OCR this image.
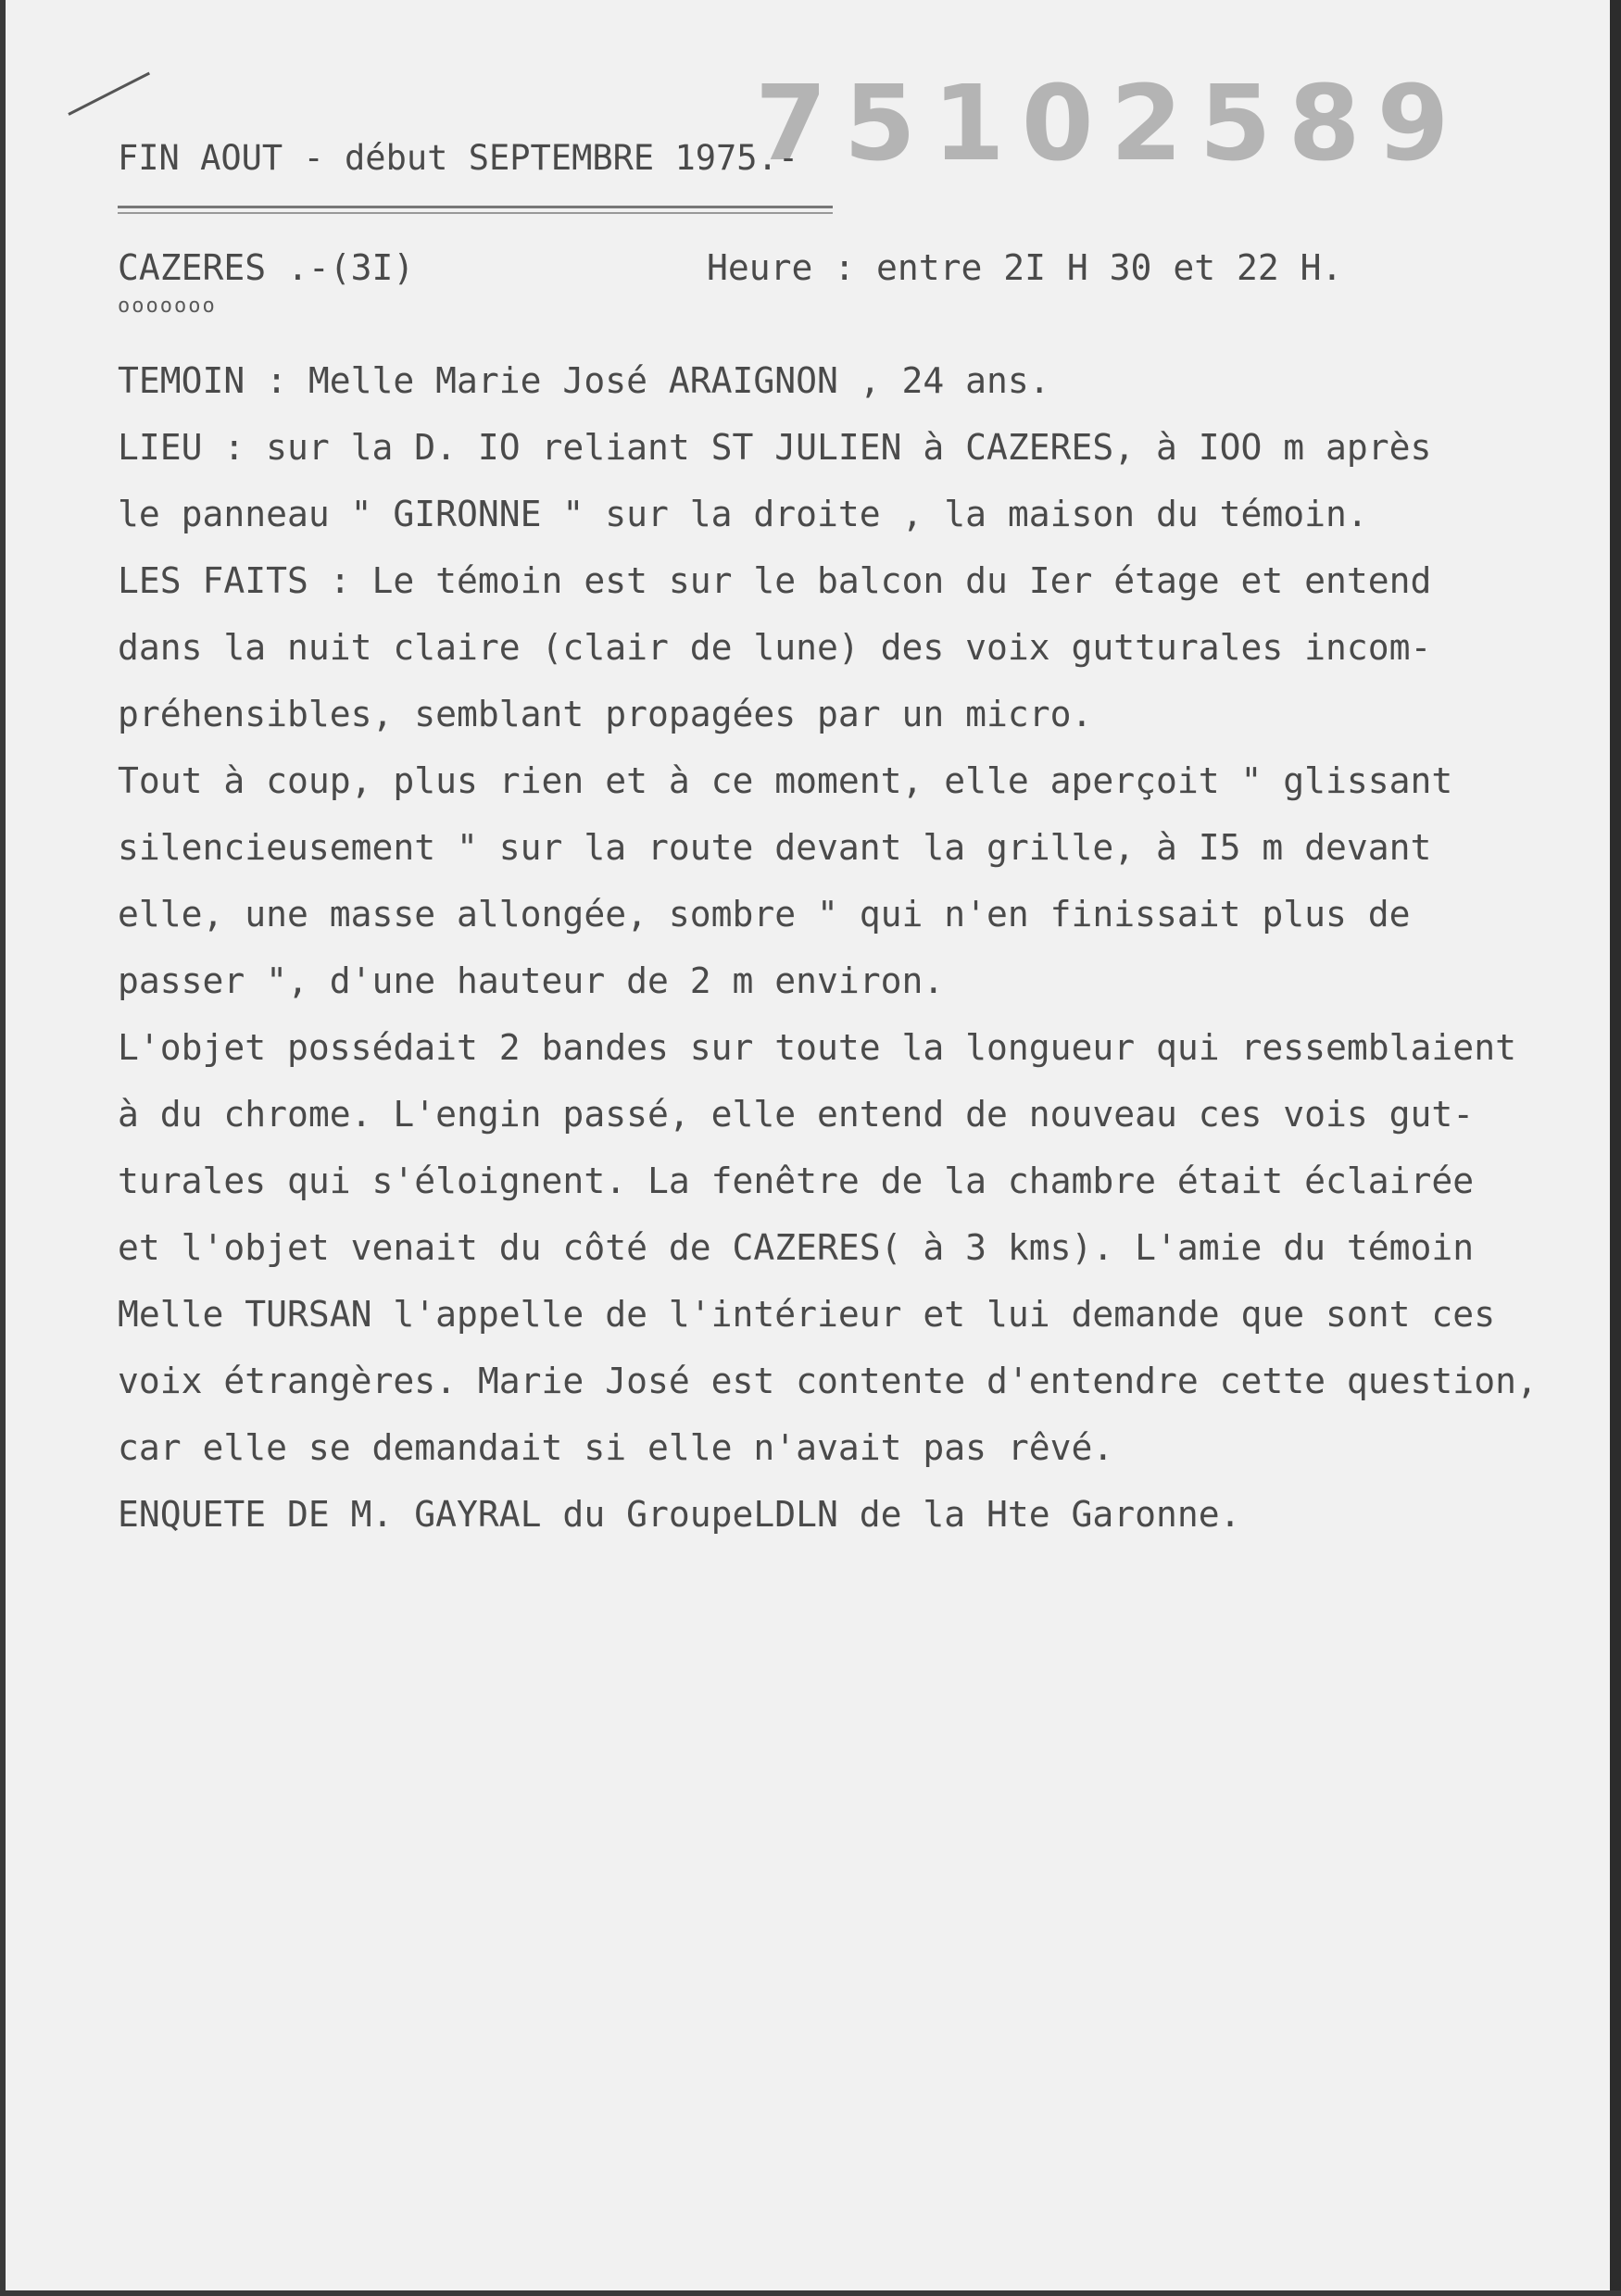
75102589
FIN AOUT - début SEPTEMBRE 1975.-
CAZERES .-(3I)
ooooooo
Heure : entre 2I H 30 et 22 H.
TEMOIN : Melle Marie José ARAIGNON , 24 ans.
LIEU : sur la D. IO reliant ST JULIEN à CAZERES, à IOO m après
le panneau " GIRONNE " sur la droite , la maison du témoin.
LES FAITS : Le témoin est sur le balcon du Ier étage et entend
dans la nuit claire (clair de lune) des voix gutturales incom-
préhensibles, semblant propagées par un micro.
Tout à coup, plus rien et à ce moment, elle aperçoit " glissant
silencieusement " sur la route devant la grille, à I5 m devant
elle, une masse allongée, sombre " qui n'en finissait plus de
passer ", d'une hauteur de 2 m environ.
L'objet possédait 2 bandes sur toute la longueur qui ressemblaient
à du chrome. L'engin passé, elle entend de nouveau ces vois gut-
turales qui s'éloignent. La fenêtre de la chambre était éclairée
et l'objet venait du côté de CAZERES( à 3 kms). L'amie du témoin
Melle TURSAN l'appelle de l'intérieur et lui demande que sont ces
voix étrangères. Marie José est contente d'entendre cette question,
car elle se demandait si elle n'avait pas rêvé.
ENQUETE DE M. GAYRAL du GroupeLDLN de la Hte Garonne.
